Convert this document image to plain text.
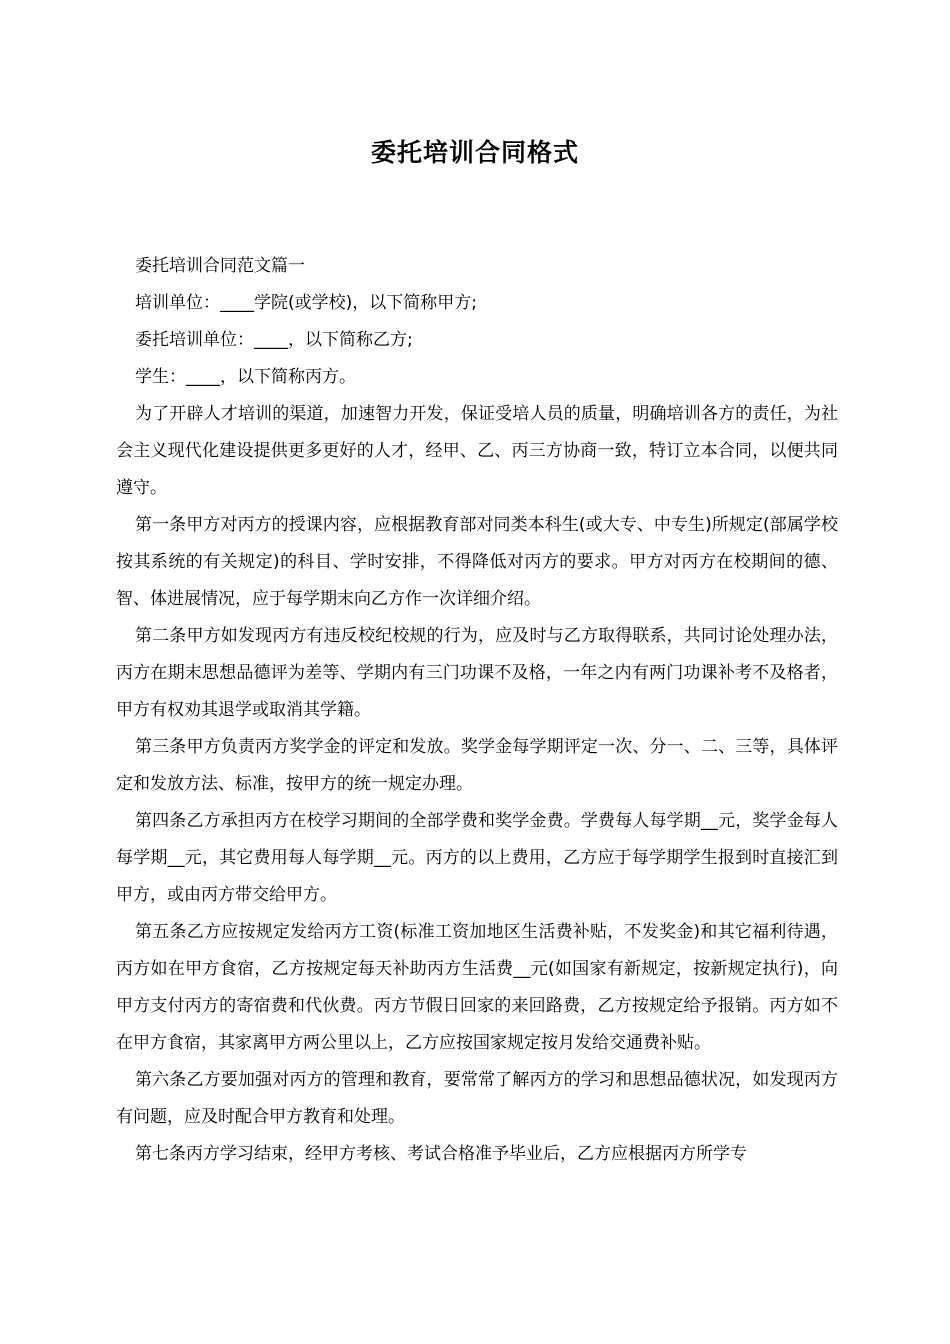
委托培训合同格式

委托培训合同范文篇一

培训单位：____学院(或学校)，以下简称甲方;

委托培训单位：____，以下简称乙方;

学生：____，以下简称丙方。

为了开辟人才培训的渠道，加速智力开发，保证受培人员的质量，明确培训各方的责任，为社会主义现代化建设提供更多更好的人才，经甲、乙、丙三方协商一致，特订立本合同，以便共同遵守。

第一条甲方对丙方的授课内容，应根据教育部对同类本科生(或大专、中专生)所规定(部属学校按其系统的有关规定)的科目、学时安排，不得降低对丙方的要求。甲方对丙方在校期间的德、智、体进展情况，应于每学期末向乙方作一次详细介绍。

第二条甲方如发现丙方有违反校纪校规的行为，应及时与乙方取得联系，共同讨论处理办法，丙方在期末思想品德评为差等、学期内有三门功课不及格，一年之内有两门功课补考不及格者，甲方有权劝其退学或取消其学籍。

第三条甲方负责丙方奖学金的评定和发放。奖学金每学期评定一次、分一、二、三等，具体评定和发放方法、标准，按甲方的统一规定办理。

第四条乙方承担丙方在校学习期间的全部学费和奖学金费。学费每人每学期__元，奖学金每人每学期__元，其它费用每人每学期__元。丙方的以上费用，乙方应于每学期学生报到时直接汇到甲方，或由丙方带交给甲方。

第五条乙方应按规定发给丙方工资(标准工资加地区生活费补贴，不发奖金)和其它福利待遇，丙方如在甲方食宿，乙方按规定每天补助丙方生活费__元(如国家有新规定，按新规定执行)，向甲方支付丙方的寄宿费和代伙费。丙方节假日回家的来回路费，乙方按规定给予报销。丙方如不在甲方食宿，其家离甲方两公里以上，乙方应按国家规定按月发给交通费补贴。

第六条乙方要加强对丙方的管理和教育，要常常了解丙方的学习和思想品德状况，如发现丙方有问题，应及时配合甲方教育和处理。

第七条丙方学习结束，经甲方考核、考试合格准予毕业后，乙方应根据丙方所学专
